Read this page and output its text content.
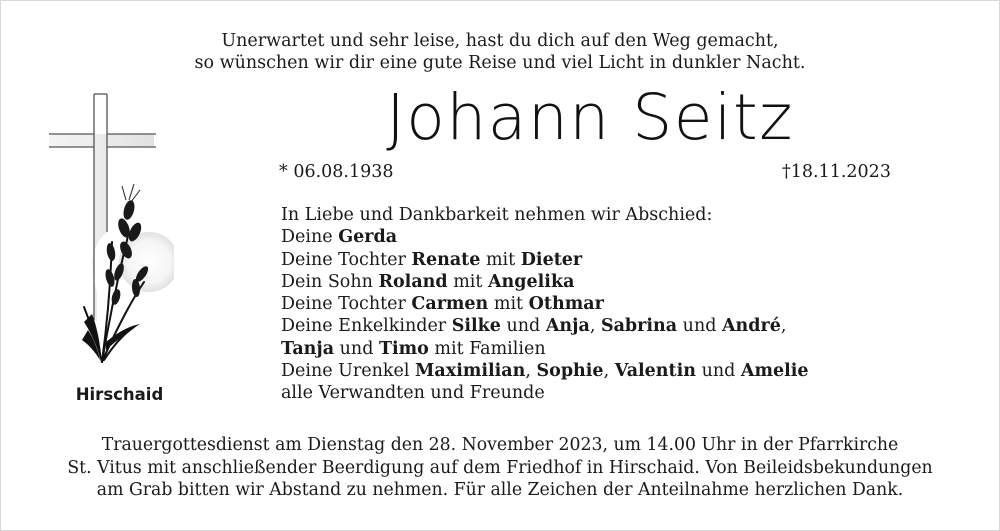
Unerwartet und sehr leise, hast du dich auf den Weg gemacht,
so wünschen wir dir eine gute Reise und viel Licht in dunkler Nacht.
Johann Seitz
* 06.08.1938	†18.11.2023
In Liebe und Dankbarkeit nehmen wir Abschied:
Deine Gerda
Deine Tochter Renate mit Dieter
Dein Sohn Roland mit Angelika
Deine Tochter Carmen mit Othmar
Deine Enkelkinder Silke und Anja, Sabrina und André,
Tanja und Timo mit Familien
Deine Urenkel Maximilian, Sophie, Valentin und Amelie
alle Verwandten und Freunde
Hirschaid
Trauergottesdienst am Dienstag den 28. November 2023, um 14.00 Uhr in der Pfarrkirche
St. Vitus mit anschließender Beerdigung auf dem Friedhof in Hirschaid. Von Beileidsbekundungen
am Grab bitten wir Abstand zu nehmen. Für alle Zeichen der Anteilnahme herzlichen Dank.
